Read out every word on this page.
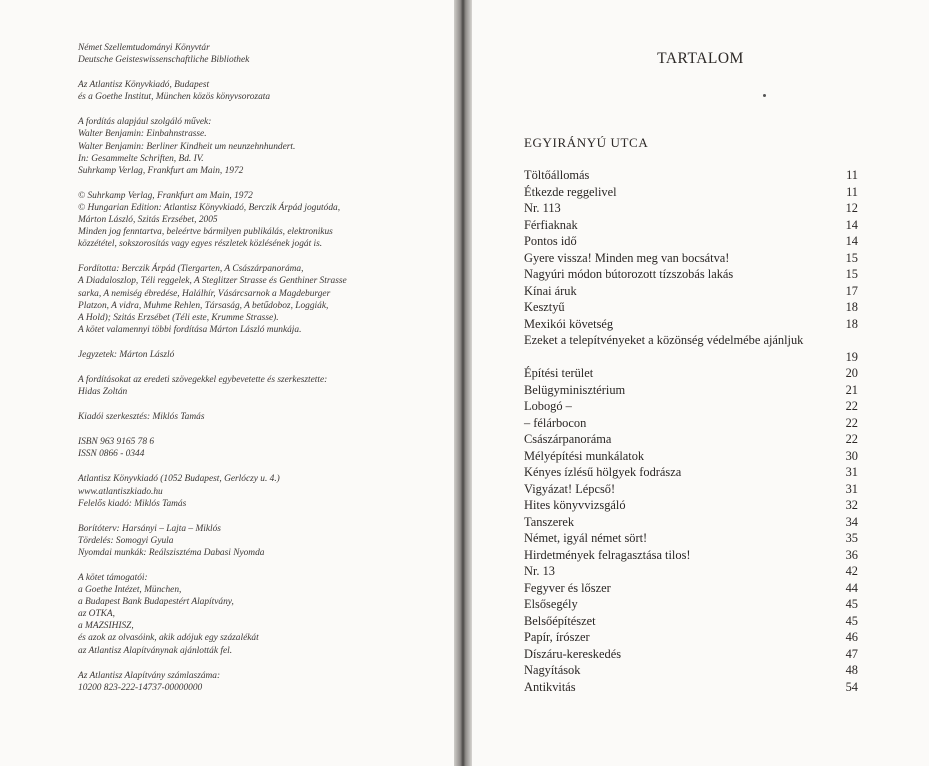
Német Szellemtudományi Könyvtár
Deutsche Geisteswissenschaftliche Bibliothek
Az Atlantisz Könyvkiadó, Budapest
és a Goethe Institut, München közös könyvsorozata
A fordítás alapjául szolgáló művek:
Walter Benjamin: Einbahnstrasse.
Walter Benjamin: Berliner Kindheit um neunzehnhundert.
In: Gesammelte Schriften, Bd. IV.
Suhrkamp Verlag, Frankfurt am Main, 1972
© Suhrkamp Verlag, Frankfurt am Main, 1972
© Hungarian Edition: Atlantisz Könyvkiadó, Berczik Árpád jogutóda,
Márton László, Szitás Erzsébet, 2005
Minden jog fenntartva, beleértve bármilyen publikálás, elektronikus
közzététel, sokszorosítás vagy egyes részletek közlésének jogát is.
Fordította: Berczik Árpád (Tiergarten, A Császárpanoráma,
A Diadaloszlop, Téli reggelek, A Steglitzer Strasse és Genthiner Strasse
sarka, A nemiség ébredése, Halálhír, Vásárcsarnok a Magdeburger
Platzon, A vidra, Muhme Rehlen, Társaság, A betűdoboz, Loggiák,
A Hold); Szitás Erzsébet (Téli este, Krumme Strasse).
A kötet valamennyi többi fordítása Márton László munkája.
Jegyzetek: Márton László
A fordításokat az eredeti szövegekkel egybevetette és szerkesztette:
Hidas Zoltán
Kiadói szerkesztés: Miklós Tamás
ISBN 963 9165 78 6
ISSN 0866 - 0344
Atlantisz Könyvkiadó (1052 Budapest, Gerlóczy u. 4.)
www.atlantiszkiado.hu
Felelős kiadó: Miklós Tamás
Borítóterv: Harsányi – Lajta – Miklós
Tördelés: Somogyi Gyula
Nyomdai munkák: Reálszisztéma Dabasi Nyomda
A kötet támogatói:
a Goethe Intézet, München,
a Budapest Bank Budapestért Alapítvány,
az OTKA,
a MAZSIHISZ,
és azok az olvasóink, akik adójuk egy százalékát
az Atlantisz Alapítványnak ajánlották fel.
Az Atlantisz Alapítvány számlaszáma:
10200 823-222-14737-00000000
TARTALOM
EGYIRÁNYÚ UTCA
Töltőállomás	11
Étkezde reggelivel	11
Nr. 113	12
Férfiaknak	14
Pontos idő	14
Gyere vissza! Minden meg van bocsátva!	15
Nagyúri módon bútorozott tízszobás lakás	15
Kínai áruk	17
Kesztyű	18
Mexikói követség	18
Ezeket a telepítvényeket a közönség védelmébe ajánljuk
19
Építési terület	20
Belügyminisztérium	21
Lobogó –	22
– félárbocon	22
Császárpanoráma	22
Mélyépítési munkálatok	30
Kényes ízlésű hölgyek fodrásza	31
Vigyázat! Lépcső!	31
Hites könyvvizsgáló	32
Tanszerek	34
Német, igyál német sört!	35
Hirdetmények felragasztása tilos!	36
Nr. 13	42
Fegyver és lőszer	44
Elsősegély	45
Belsőépítészet	45
Papír, írószer	46
Díszáru-kereskedés	47
Nagyítások	48
Antikvitás	54
